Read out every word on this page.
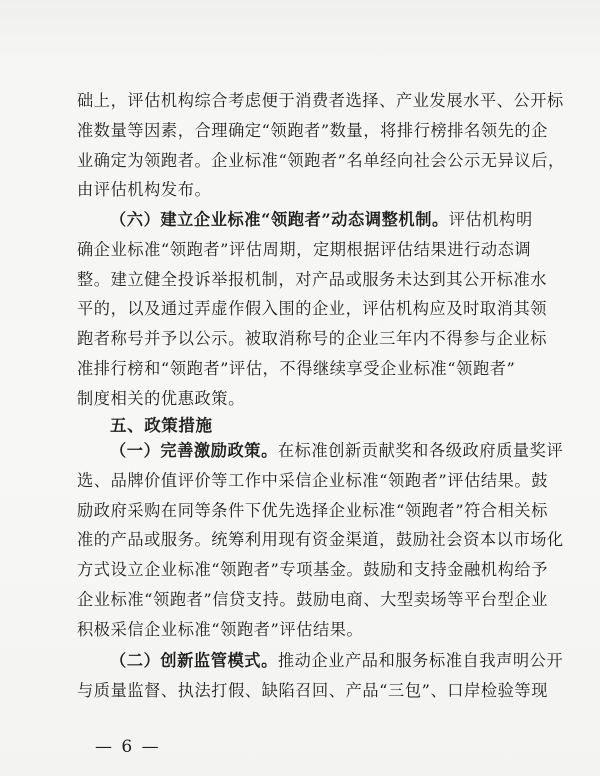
础上，评估机构综合考虑便于消费者选择、产业发展水平、公开标
准数量等因素，合理确定“领跑者”数量，将排行榜排名领先的企
业确定为领跑者。企业标准“领跑者”名单经向社会公示无异议后，
由评估机构发布。
（六）建立企业标准“领跑者”动态调整机制。评估机构明
确企业标准“领跑者”评估周期，定期根据评估结果进行动态调
整。建立健全投诉举报机制，对产品或服务未达到其公开标准水
平的，以及通过弄虚作假入围的企业，评估机构应及时取消其领
跑者称号并予以公示。被取消称号的企业三年内不得参与企业标
准排行榜和“领跑者”评估，不得继续享受企业标准“领跑者”
制度相关的优惠政策。
五、政策措施
（一）完善激励政策。在标准创新贡献奖和各级政府质量奖评
选、品牌价值评价等工作中采信企业标准“领跑者”评估结果。鼓
励政府采购在同等条件下优先选择企业标准“领跑者”符合相关标
准的产品或服务。统筹利用现有资金渠道，鼓励社会资本以市场化
方式设立企业标准“领跑者”专项基金。鼓励和支持金融机构给予
企业标准“领跑者”信贷支持。鼓励电商、大型卖场等平台型企业
积极采信企业标准“领跑者”评估结果。
（二）创新监管模式。推动企业产品和服务标准自我声明公开
与质量监督、执法打假、缺陷召回、产品“三包”、口岸检验等现
— 6 —
